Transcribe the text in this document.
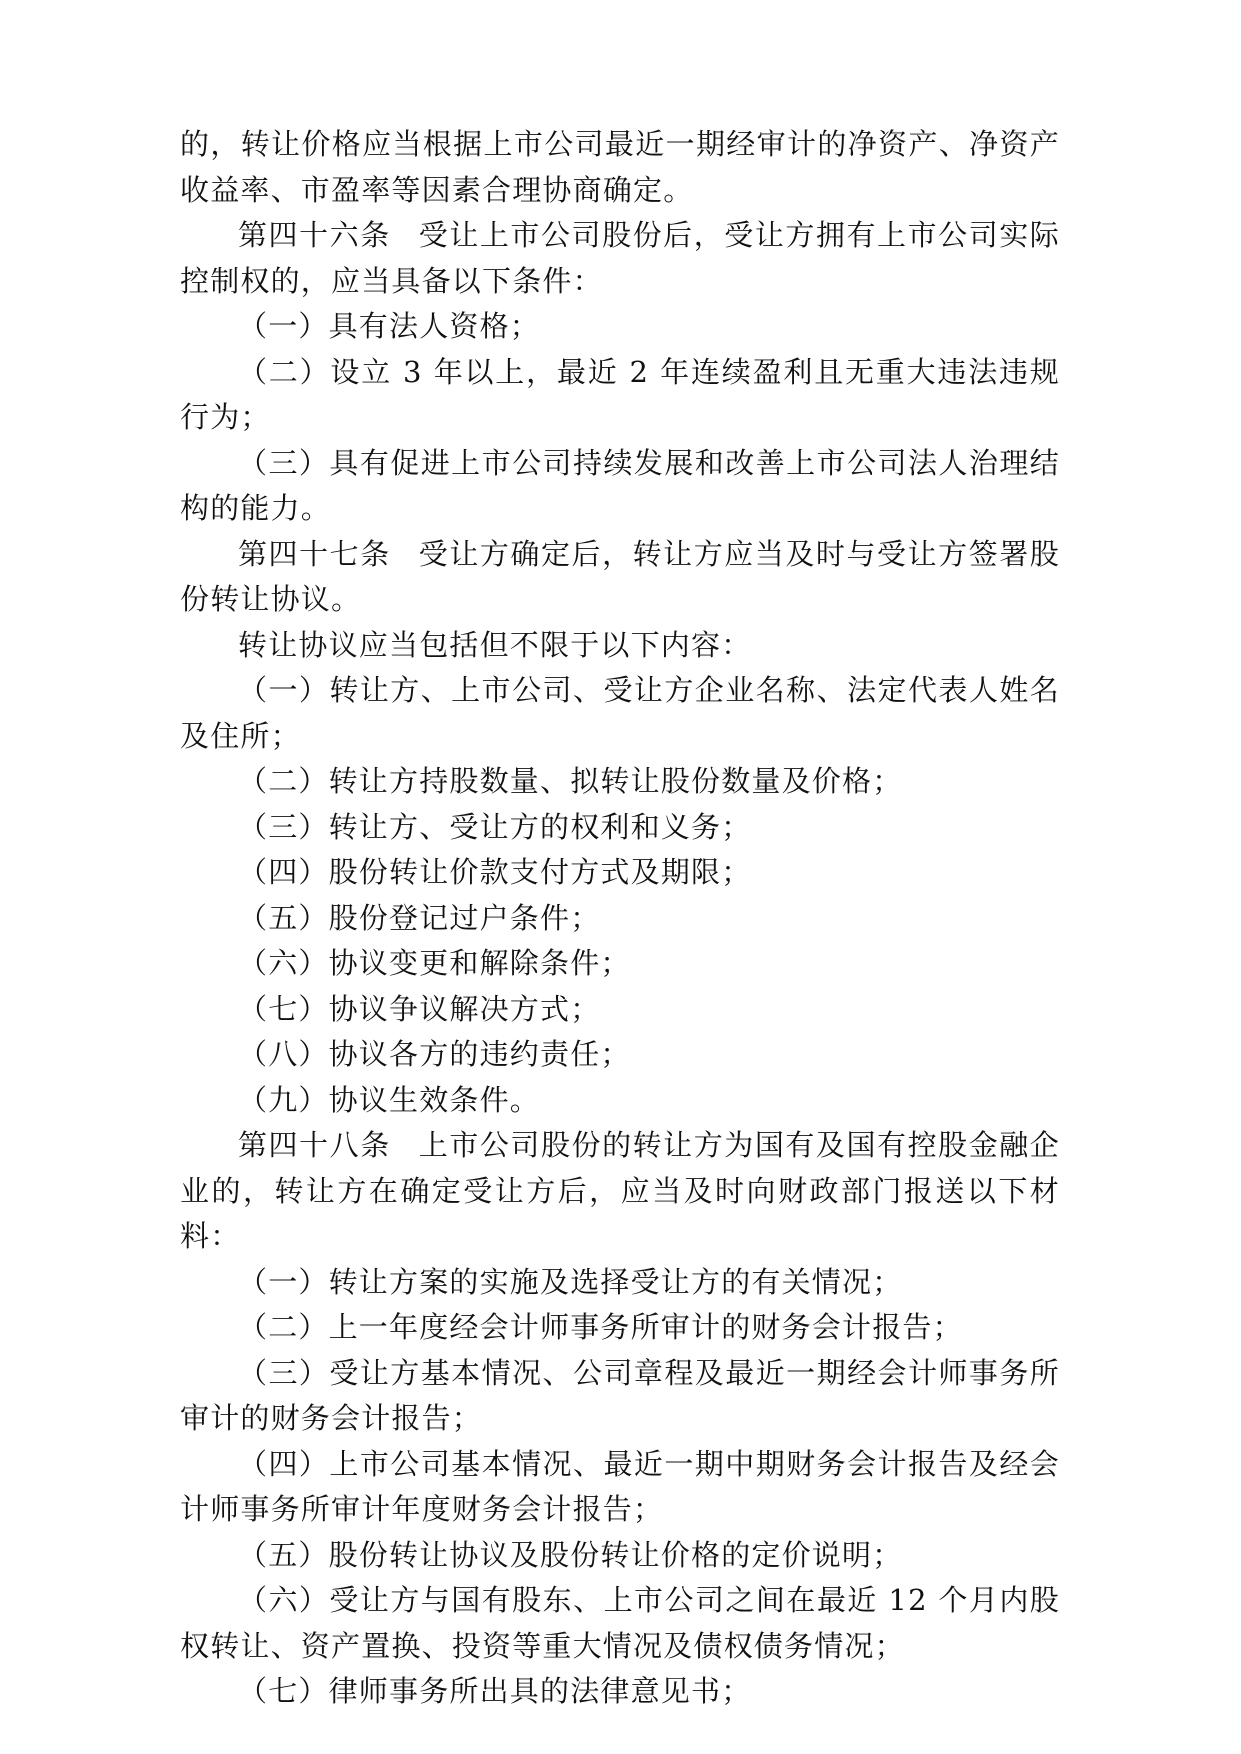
的，转让价格应当根据上市公司最近一期经审计的净资产、净资产收益率、市盈率等因素合理协商确定。

第四十六条 受让上市公司股份后，受让方拥有上市公司实际控制权的，应当具备以下条件：

（一）具有法人资格；

（二）设立 3 年以上，最近 2 年连续盈利且无重大违法违规行为；

（三）具有促进上市公司持续发展和改善上市公司法人治理结构的能力。

第四十七条 受让方确定后，转让方应当及时与受让方签署股份转让协议。

转让协议应当包括但不限于以下内容：

（一）转让方、上市公司、受让方企业名称、法定代表人姓名及住所；

（二）转让方持股数量、拟转让股份数量及价格；

（三）转让方、受让方的权利和义务；

（四）股份转让价款支付方式及期限；

（五）股份登记过户条件；

（六）协议变更和解除条件；

（七）协议争议解决方式；

（八）协议各方的违约责任；

（九）协议生效条件。

第四十八条 上市公司股份的转让方为国有及国有控股金融企业的，转让方在确定受让方后，应当及时向财政部门报送以下材料：

（一）转让方案的实施及选择受让方的有关情况；

（二）上一年度经会计师事务所审计的财务会计报告；

（三）受让方基本情况、公司章程及最近一期经会计师事务所审计的财务会计报告；

（四）上市公司基本情况、最近一期中期财务会计报告及经会计师事务所审计年度财务会计报告；

（五）股份转让协议及股份转让价格的定价说明；

（六）受让方与国有股东、上市公司之间在最近 12 个月内股权转让、资产置换、投资等重大情况及债权债务情况；

（七）律师事务所出具的法律意见书；
